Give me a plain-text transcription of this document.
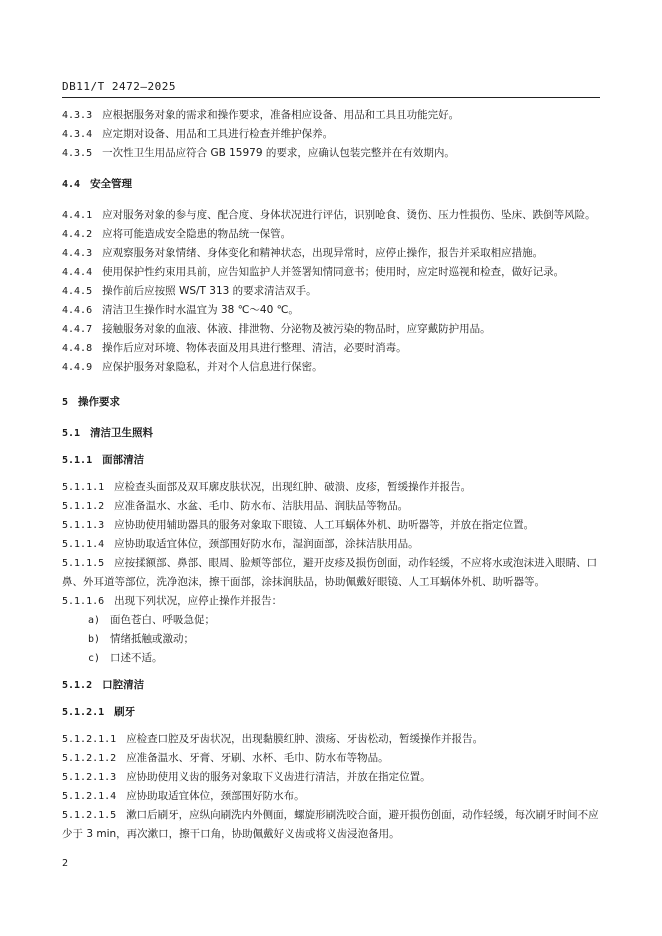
DB11/T 2472—2025
4.3.3 应根据服务对象的需求和操作要求，准备相应设备、用品和工具且功能完好。
4.3.4 应定期对设备、用品和工具进行检查并维护保养。
4.3.5 一次性卫生用品应符合 GB 15979 的要求，应确认包装完整并在有效期内。
4.4 安全管理
4.4.1 应对服务对象的参与度、配合度、身体状况进行评估，识别呛食、烫伤、压力性损伤、坠床、跌倒等风险。
4.4.2 应将可能造成安全隐患的物品统一保管。
4.4.3 应观察服务对象情绪、身体变化和精神状态，出现异常时，应停止操作，报告并采取相应措施。
4.4.4 使用保护性约束用具前，应告知监护人并签署知情同意书；使用时，应定时巡视和检查，做好记录。
4.4.5 操作前后应按照 WS/T 313 的要求清洁双手。
4.4.6 清洁卫生操作时水温宜为 38 ℃～40 ℃。
4.4.7 接触服务对象的血液、体液、排泄物、分泌物及被污染的物品时，应穿戴防护用品。
4.4.8 操作后应对环境、物体表面及用具进行整理、清洁，必要时消毒。
4.4.9 应保护服务对象隐私，并对个人信息进行保密。
5 操作要求
5.1 清洁卫生照料
5.1.1 面部清洁
5.1.1.1 应检查头面部及双耳廓皮肤状况，出现红肿、破溃、皮疹，暂缓操作并报告。
5.1.1.2 应准备温水、水盆、毛巾、防水布、洁肤用品、润肤品等物品。
5.1.1.3 应协助使用辅助器具的服务对象取下眼镜、人工耳蜗体外机、助听器等，并放在指定位置。
5.1.1.4 应协助取适宜体位，颈部围好防水布，湿润面部，涂抹洁肤用品。
5.1.1.5 应按揉额部、鼻部、眼周、脸颊等部位，避开皮疹及损伤创面，动作轻缓，不应将水或泡沫进入眼睛、口鼻、外耳道等部位，洗净泡沫，擦干面部，涂抹润肤品，协助佩戴好眼镜、人工耳蜗体外机、助听器等。
5.1.1.6 出现下列状况，应停止操作并报告：
a) 面色苍白、呼吸急促；
b) 情绪抵触或激动；
c) 口述不适。
5.1.2 口腔清洁
5.1.2.1 刷牙
5.1.2.1.1 应检查口腔及牙齿状况，出现黏膜红肿、溃疡、牙齿松动，暂缓操作并报告。
5.1.2.1.2 应准备温水、牙膏、牙刷、水杯、毛巾、防水布等物品。
5.1.2.1.3 应协助使用义齿的服务对象取下义齿进行清洁，并放在指定位置。
5.1.2.1.4 应协助取适宜体位，颈部围好防水布。
5.1.2.1.5 漱口后刷牙，应纵向刷洗内外侧面，螺旋形刷洗咬合面，避开损伤创面，动作轻缓，每次刷牙时间不应少于 3 min，再次漱口，擦干口角，协助佩戴好义齿或将义齿浸泡备用。
2
